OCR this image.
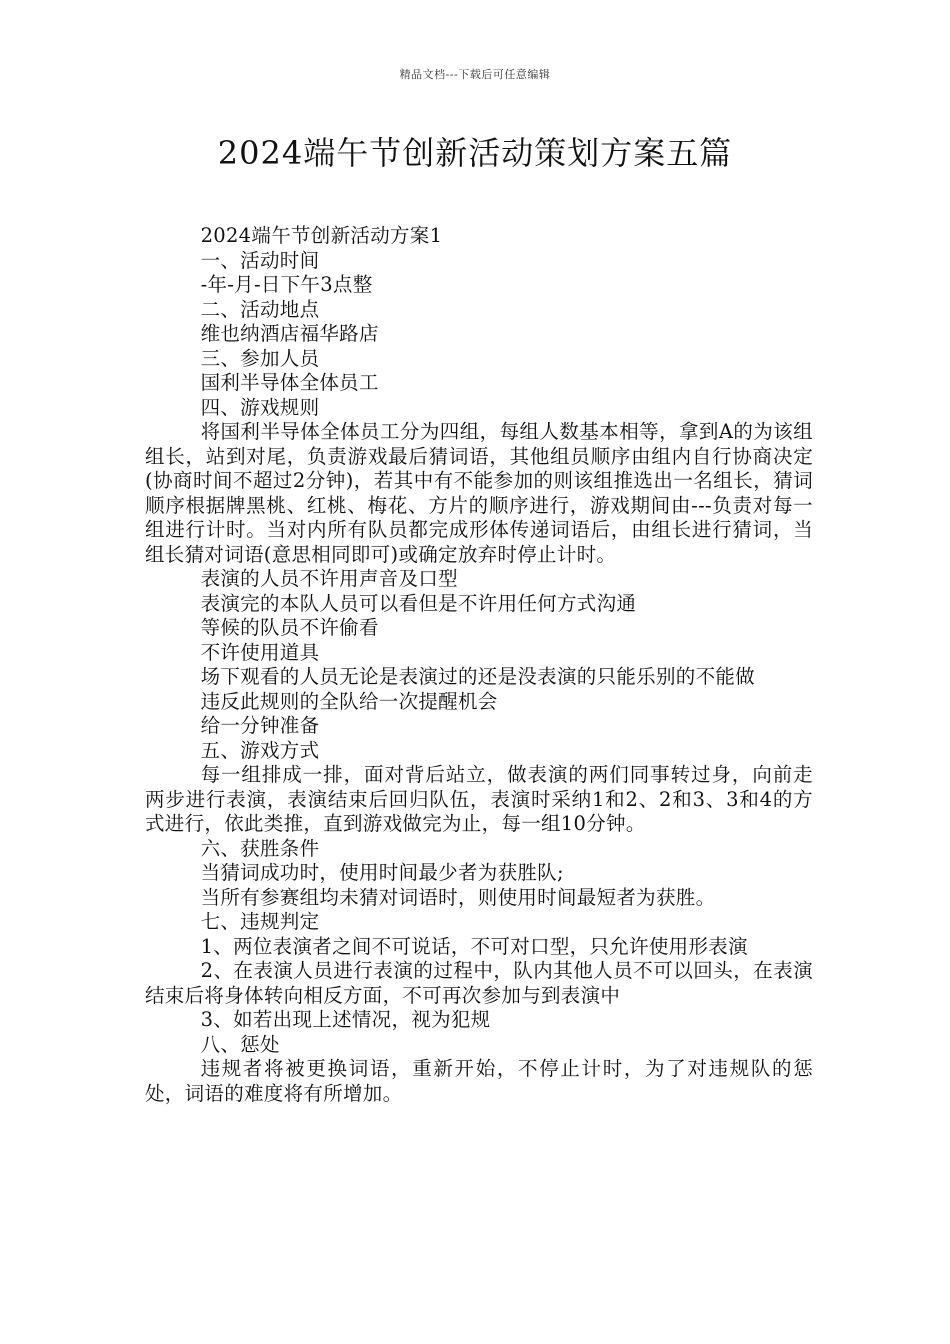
精品文档---下载后可任意编辑
2024端午节创新活动策划方案五篇

2024端午节创新活动方案1

一、活动时间

-年-月-日下午3点整

二、活动地点

维也纳酒店福华路店

三、参加人员

国利半导体全体员工

四、游戏规则

将国利半导体全体员工分为四组，每组人数基本相等，拿到A的为该组组长，站到对尾，负责游戏最后猜词语，其他组员顺序由组内自行协商决定(协商时间不超过2分钟)，若其中有不能参加的则该组推选出一名组长，猜词顺序根据牌黑桃、红桃、梅花、方片的顺序进行，游戏期间由---负责对每一组进行计时。当对内所有队员都完成形体传递词语后，由组长进行猜词，当组长猜对词语(意思相同即可)或确定放弃时停止计时。

表演的人员不许用声音及口型

表演完的本队人员可以看但是不许用任何方式沟通

等候的队员不许偷看

不许使用道具

场下观看的人员无论是表演过的还是没表演的只能乐别的不能做

违反此规则的全队给一次提醒机会

给一分钟准备

五、游戏方式

每一组排成一排，面对背后站立，做表演的两们同事转过身，向前走两步进行表演，表演结束后回归队伍，表演时采纳1和2、2和3、3和4的方式进行，依此类推，直到游戏做完为止，每一组10分钟。

六、获胜条件

当猜词成功时，使用时间最少者为获胜队;

当所有参赛组均未猜对词语时，则使用时间最短者为获胜。

七、违规判定

1、两位表演者之间不可说话，不可对口型，只允许使用形表演

2、在表演人员进行表演的过程中，队内其他人员不可以回头，在表演结束后将身体转向相反方面，不可再次参加与到表演中

3、如若出现上述情况，视为犯规

八、惩处

违规者将被更换词语，重新开始，不停止计时，为了对违规队的惩处，词语的难度将有所增加。
